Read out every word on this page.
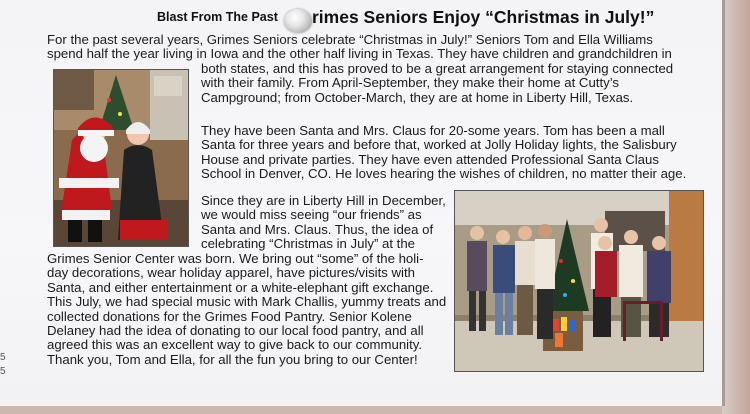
Blast From The Past rimes Seniors Enjoy “Christmas in July!”
For the past several years, Grimes Seniors celebrate “Christmas in July!” Seniors Tom and Ella Williams
spend half the year living in Iowa and the other half living in Texas. They have children and grandchildren in
both states, and this has proved to be a great arrangement for staying connected
with their family. From April-September, they make their home at Cutty’s
Campground; from October-March, they are at home in Liberty Hill, Texas.
They have been Santa and Mrs. Claus for 20-some years. Tom has been a mall
Santa for three years and before that, worked at Jolly Holiday lights, the Salisbury
House and private parties. They have even attended Professional Santa Claus
School in Denver, CO. He loves hearing the wishes of children, no matter their age.
Since they are in Liberty Hill in December,
we would miss seeing “our friends” as
Santa and Mrs. Claus. Thus, the idea of
celebrating “Christmas in July” at the
Grimes Senior Center was born. We bring out “some” of the holi-
day decorations, wear holiday apparel, have pictures/visits with
Santa, and either entertainment or a white-elephant gift exchange.
This July, we had special music with Mark Challis, yummy treats and
collected donations for the Grimes Food Pantry. Senior Kolene
Delaney had the idea of donating to our local food pantry, and all
agreed this was an excellent way to give back to our community.
Thank you, Tom and Ella, for all the fun you bring to our Center!
5
5
